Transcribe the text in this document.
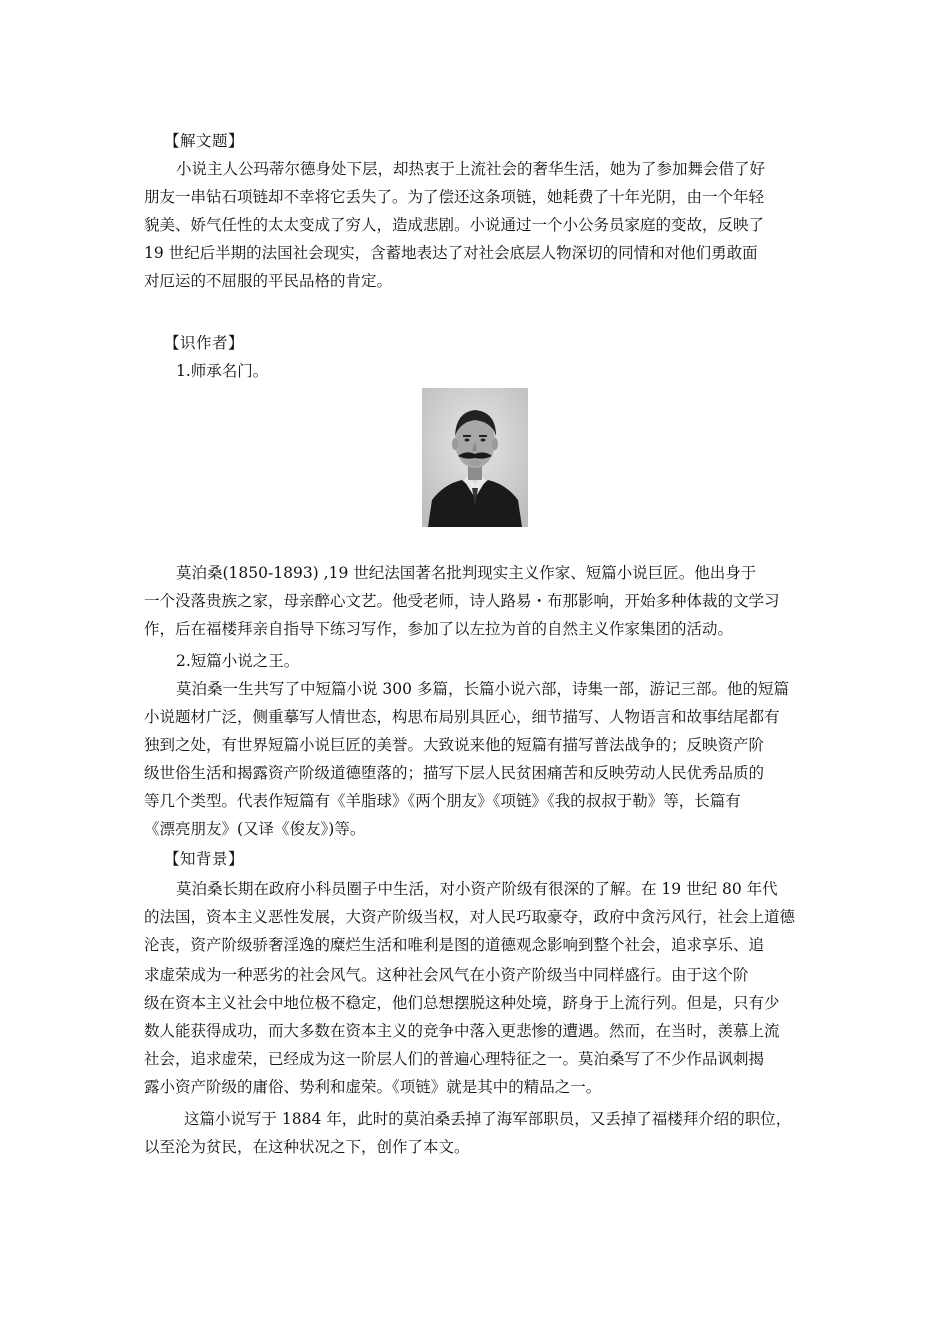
【解文题】
小说主人公玛蒂尔德身处下层，却热衷于上流社会的奢华生活，她为了参加舞会借了好
朋友一串钻石项链却不幸将它丢失了。为了偿还这条项链，她耗费了十年光阴，由一个年轻
貌美、娇气任性的太太变成了穷人，造成悲剧。小说通过一个小公务员家庭的变故，反映了
19 世纪后半期的法国社会现实，含蓄地表达了对社会底层人物深切的同情和对他们勇敢面
对厄运的不屈服的平民品格的肯定。
【识作者】
1.师承名门。
莫泊桑(1850-1893) ,19 世纪法国著名批判现实主义作家、短篇小说巨匠。他出身于
一个没落贵族之家，母亲醉心文艺。他受老师，诗人路易・布那影响，开始多种体裁的文学习
作，后在福楼拜亲自指导下练习写作，参加了以左拉为首的自然主义作家集团的活动。
2.短篇小说之王。
莫泊桑一生共写了中短篇小说 300 多篇，长篇小说六部，诗集一部，游记三部。他的短篇
小说题材广泛，侧重摹写人情世态，构思布局别具匠心，细节描写、人物语言和故事结尾都有
独到之处，有世界短篇小说巨匠的美誉。大致说来他的短篇有描写普法战争的；反映资产阶
级世俗生活和揭露资产阶级道德堕落的；描写下层人民贫困痛苦和反映劳动人民优秀品质的
等几个类型。代表作短篇有《羊脂球》《两个朋友》《项链》《我的叔叔于勒》等，长篇有
《漂亮朋友》(又译《俊友》)等。
【知背景】
莫泊桑长期在政府小科员圈子中生活，对小资产阶级有很深的了解。在 19 世纪 80 年代
的法国，资本主义恶性发展，大资产阶级当权，对人民巧取豪夺，政府中贪污风行，社会上道德
沦丧，资产阶级骄奢淫逸的糜烂生活和唯利是图的道德观念影响到整个社会，追求享乐、追
求虚荣成为一种恶劣的社会风气。这种社会风气在小资产阶级当中同样盛行。由于这个阶
级在资本主义社会中地位极不稳定，他们总想摆脱这种处境，跻身于上流行列。但是，只有少
数人能获得成功，而大多数在资本主义的竞争中落入更悲惨的遭遇。然而，在当时，羡慕上流
社会，追求虚荣，已经成为这一阶层人们的普遍心理特征之一。莫泊桑写了不少作品讽刺揭
露小资产阶级的庸俗、势利和虚荣。《项链》就是其中的精品之一。
这篇小说写于 1884 年，此时的莫泊桑丢掉了海军部职员，又丢掉了福楼拜介绍的职位，
以至沦为贫民，在这种状况之下，创作了本文。
